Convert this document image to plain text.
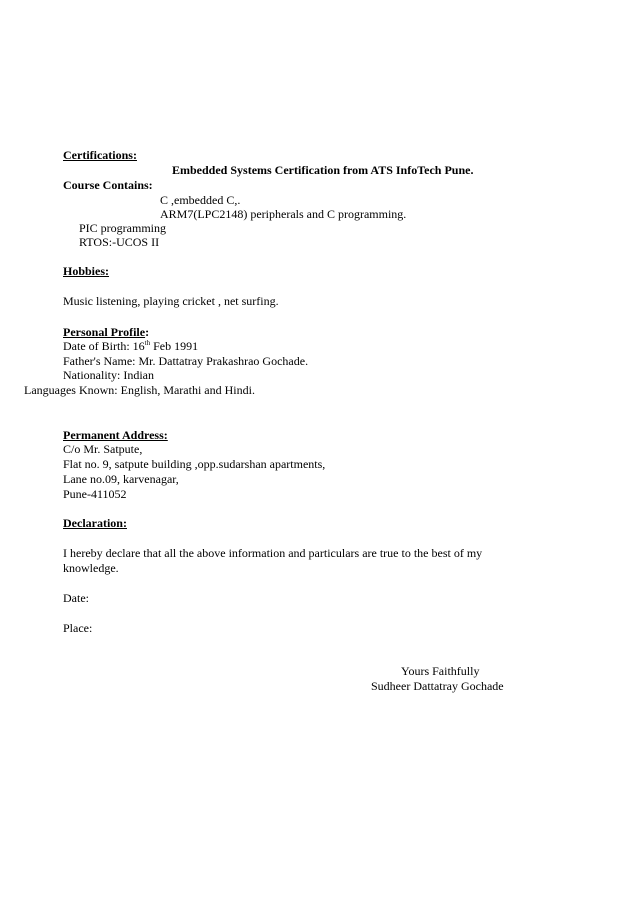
Certifications:
Embedded Systems Certification from ATS InfoTech Pune.
Course Contains:
C ,embedded C,.
ARM7(LPC2148) peripherals and C programming.
PIC programming
RTOS:-UCOS II
Hobbies:
Music listening, playing cricket , net surfing.
Personal Profile:
Date of Birth: 16th Feb 1991
Father's Name: Mr. Dattatray Prakashrao Gochade.
Nationality: Indian
Languages Known: English, Marathi and Hindi.
Permanent Address:
C/o Mr. Satpute,
Flat no. 9, satpute building ,opp.sudarshan apartments,
Lane no.09, karvenagar,
Pune-411052
Declaration:
I hereby declare that all the above information and particulars are true to the best of my
knowledge.
Date:
Place:
Yours Faithfully
Sudheer Dattatray Gochade
